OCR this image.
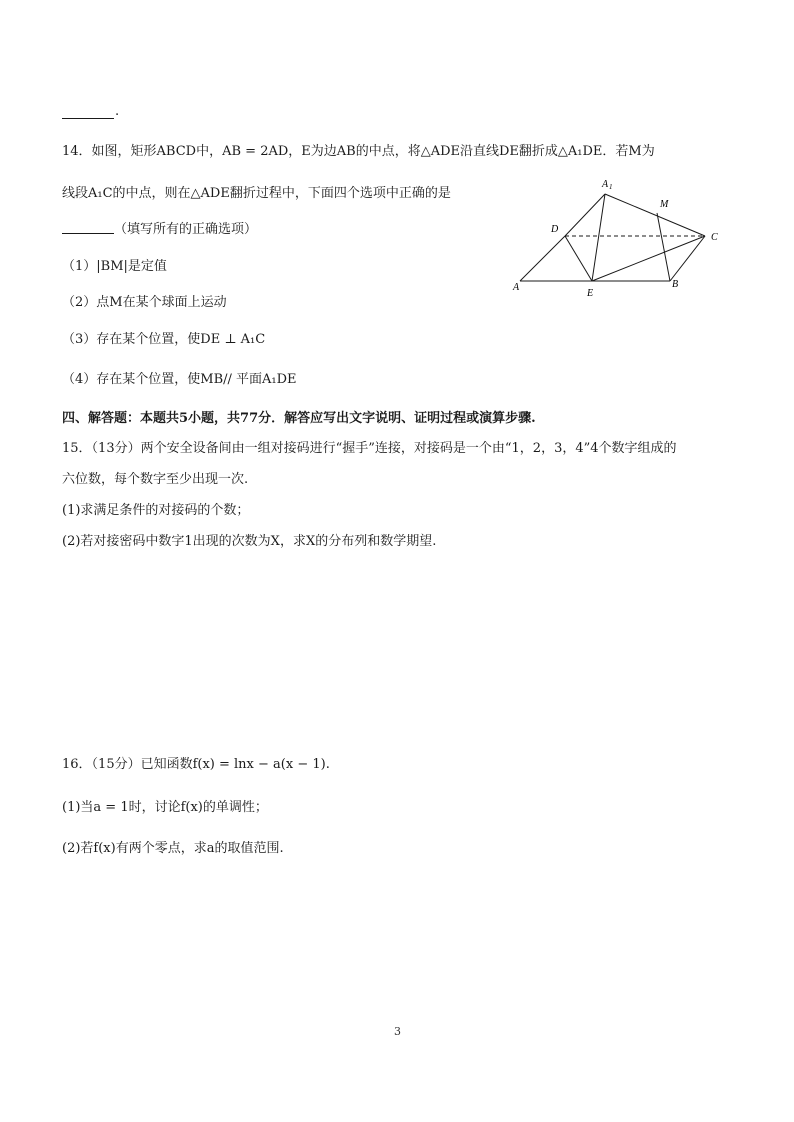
.
14．如图，矩形ABCD中，AB = 2AD，E为边AB的中点，将△ADE沿直线DE翻折成△A₁DE．若M为
线段A₁C的中点，则在△ADE翻折过程中，下面四个选项中正确的是
（填写所有的正确选项）
（1）|BM|是定值
（2）点M在某个球面上运动
（3）存在某个位置，使DE ⊥ A₁C
（4）存在某个位置，使MB// 平面A₁DE
A 1
M
D
C
A
E
B
四、解答题：本题共5小题，共77分．解答应写出文字说明、证明过程或演算步骤.
15．（13分）两个安全设备间由一组对接码进行“握手”连接，对接码是一个由“1，2，3，4”4个数字组成的
六位数，每个数字至少出现一次.
(1)求满足条件的对接码的个数；
(2)若对接密码中数字1出现的次数为X，求X的分布列和数学期望.
16．（15分）已知函数f(x) = lnx − a(x − 1).
(1)当a = 1时，讨论f(x)的单调性；
(2)若f(x)有两个零点，求a的取值范围.
3
